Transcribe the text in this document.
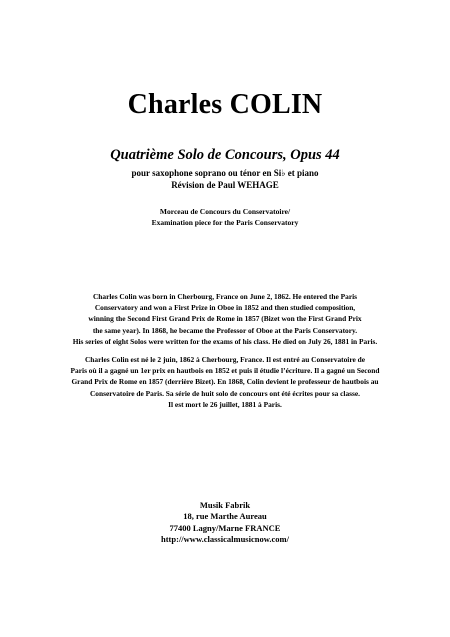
Charles COLIN
Quatrième Solo de Concours, Opus 44
pour saxophone soprano ou ténor en Si♭ et piano
Révision de Paul WEHAGE
Morceau de Concours du Conservatoire/
Examination piece for the Paris Conservatory
Charles Colin was born in Cherbourg, France on June 2, 1862. He entered the Paris
Conservatory and won a First Prize in Oboe in 1852 and then studied composition,
winning the Second First Grand Prix de Rome in 1857 (Bizet won the First Grand Prix
the same year). In 1868, he became the Professor of Oboe at the Paris Conservatory.
His series of eight Solos were written for the exams of his class. He died on July 26, 1881 in Paris.
Charles Colin est né le 2 juin, 1862 à Cherbourg, France. Il est entré au Conservatoire de
Paris où il a gagné un 1er prix en hautbois en 1852 et puis il étudie l’écriture. Il a gagné un Second
Grand Prix de Rome en 1857 (derrière Bizet). En 1868, Colin devient le professeur de hautbois au
Conservatoire de Paris. Sa série de huit solo de concours ont été écrites pour sa classe.
Il est mort le 26 juillet, 1881 à Paris.
Musik Fabrik
18, rue Marthe Aureau
77400 Lagny/Marne FRANCE
http://www.classicalmusicnow.com/
